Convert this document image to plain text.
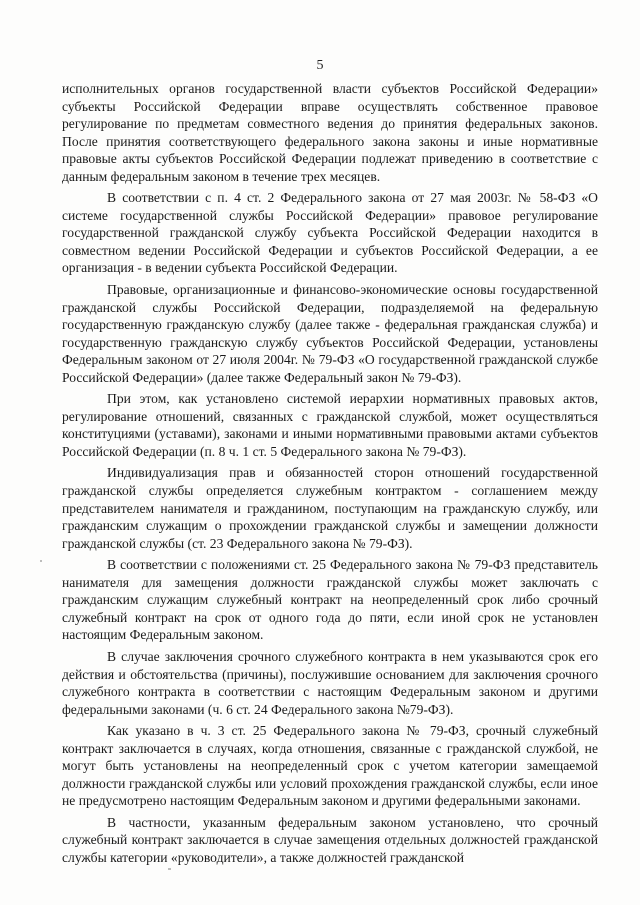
5

исполнительных органов государственной власти субъектов Российской Федерации» субъекты Российской Федерации вправе осуществлять собственное правовое регулирование по предметам совместного ведения до принятия федеральных законов. После принятия соответствующего федерального закона законы и иные нормативные правовые акты субъектов Российской Федерации подлежат приведению в соответствие с данным федеральным законом в течение трех месяцев.

В соответствии с п. 4 ст. 2 Федерального закона от 27 мая 2003г. № 58-ФЗ «О системе государственной службы Российской Федерации» правовое регулирование государственной гражданской службу субъекта Российской Федерации находится в совместном ведении Российской Федерации и субъектов Российской Федерации, а ее организация - в ведении субъекта Российской Федерации.

Правовые, организационные и финансово-экономические основы государственной гражданской службы Российской Федерации, подразделяемой на федеральную государственную гражданскую службу (далее также - федеральная гражданская служба) и государственную гражданскую службу субъектов Российской Федерации, установлены Федеральным законом от 27 июля 2004г. № 79-ФЗ «О государственной гражданской службе Российской Федерации» (далее также Федеральный закон № 79-ФЗ).

При этом, как установлено системой иерархии нормативных правовых актов, регулирование отношений, связанных с гражданской службой, может осуществляться конституциями (уставами), законами и иными нормативными правовыми актами субъектов Российской Федерации (п. 8 ч. 1 ст. 5 Федерального закона № 79-ФЗ).

Индивидуализация прав и обязанностей сторон отношений государственной гражданской службы определяется служебным контрактом - соглашением между представителем нанимателя и гражданином, поступающим на гражданскую службу, или гражданским служащим о прохождении гражданской службы и замещении должности гражданской службы (ст. 23 Федерального закона № 79-ФЗ).

В соответствии с положениями ст. 25 Федерального закона № 79-ФЗ представитель нанимателя для замещения должности гражданской службы может заключать с гражданским служащим служебный контракт на неопределенный срок либо срочный служебный контракт на срок от одного года до пяти, если иной срок не установлен настоящим Федеральным законом.

В случае заключения срочного служебного контракта в нем указываются срок его действия и обстоятельства (причины), послужившие основанием для заключения срочного служебного контракта в соответствии с настоящим Федеральным законом и другими федеральными законами (ч. 6 ст. 24 Федерального закона №79-ФЗ).

Как указано в ч. 3 ст. 25 Федерального закона № 79-ФЗ, срочный служебный контракт заключается в случаях, когда отношения, связанные с гражданской службой, не могут быть установлены на неопределенный срок с учетом категории замещаемой должности гражданской службы или условий прохождения гражданской службы, если иное не предусмотрено настоящим Федеральным законом и другими федеральными законами.

В частности, указанным федеральным законом установлено, что срочный служебный контракт заключается в случае замещения отдельных должностей гражданской службы категории «руководители», а также должностей гражданской
